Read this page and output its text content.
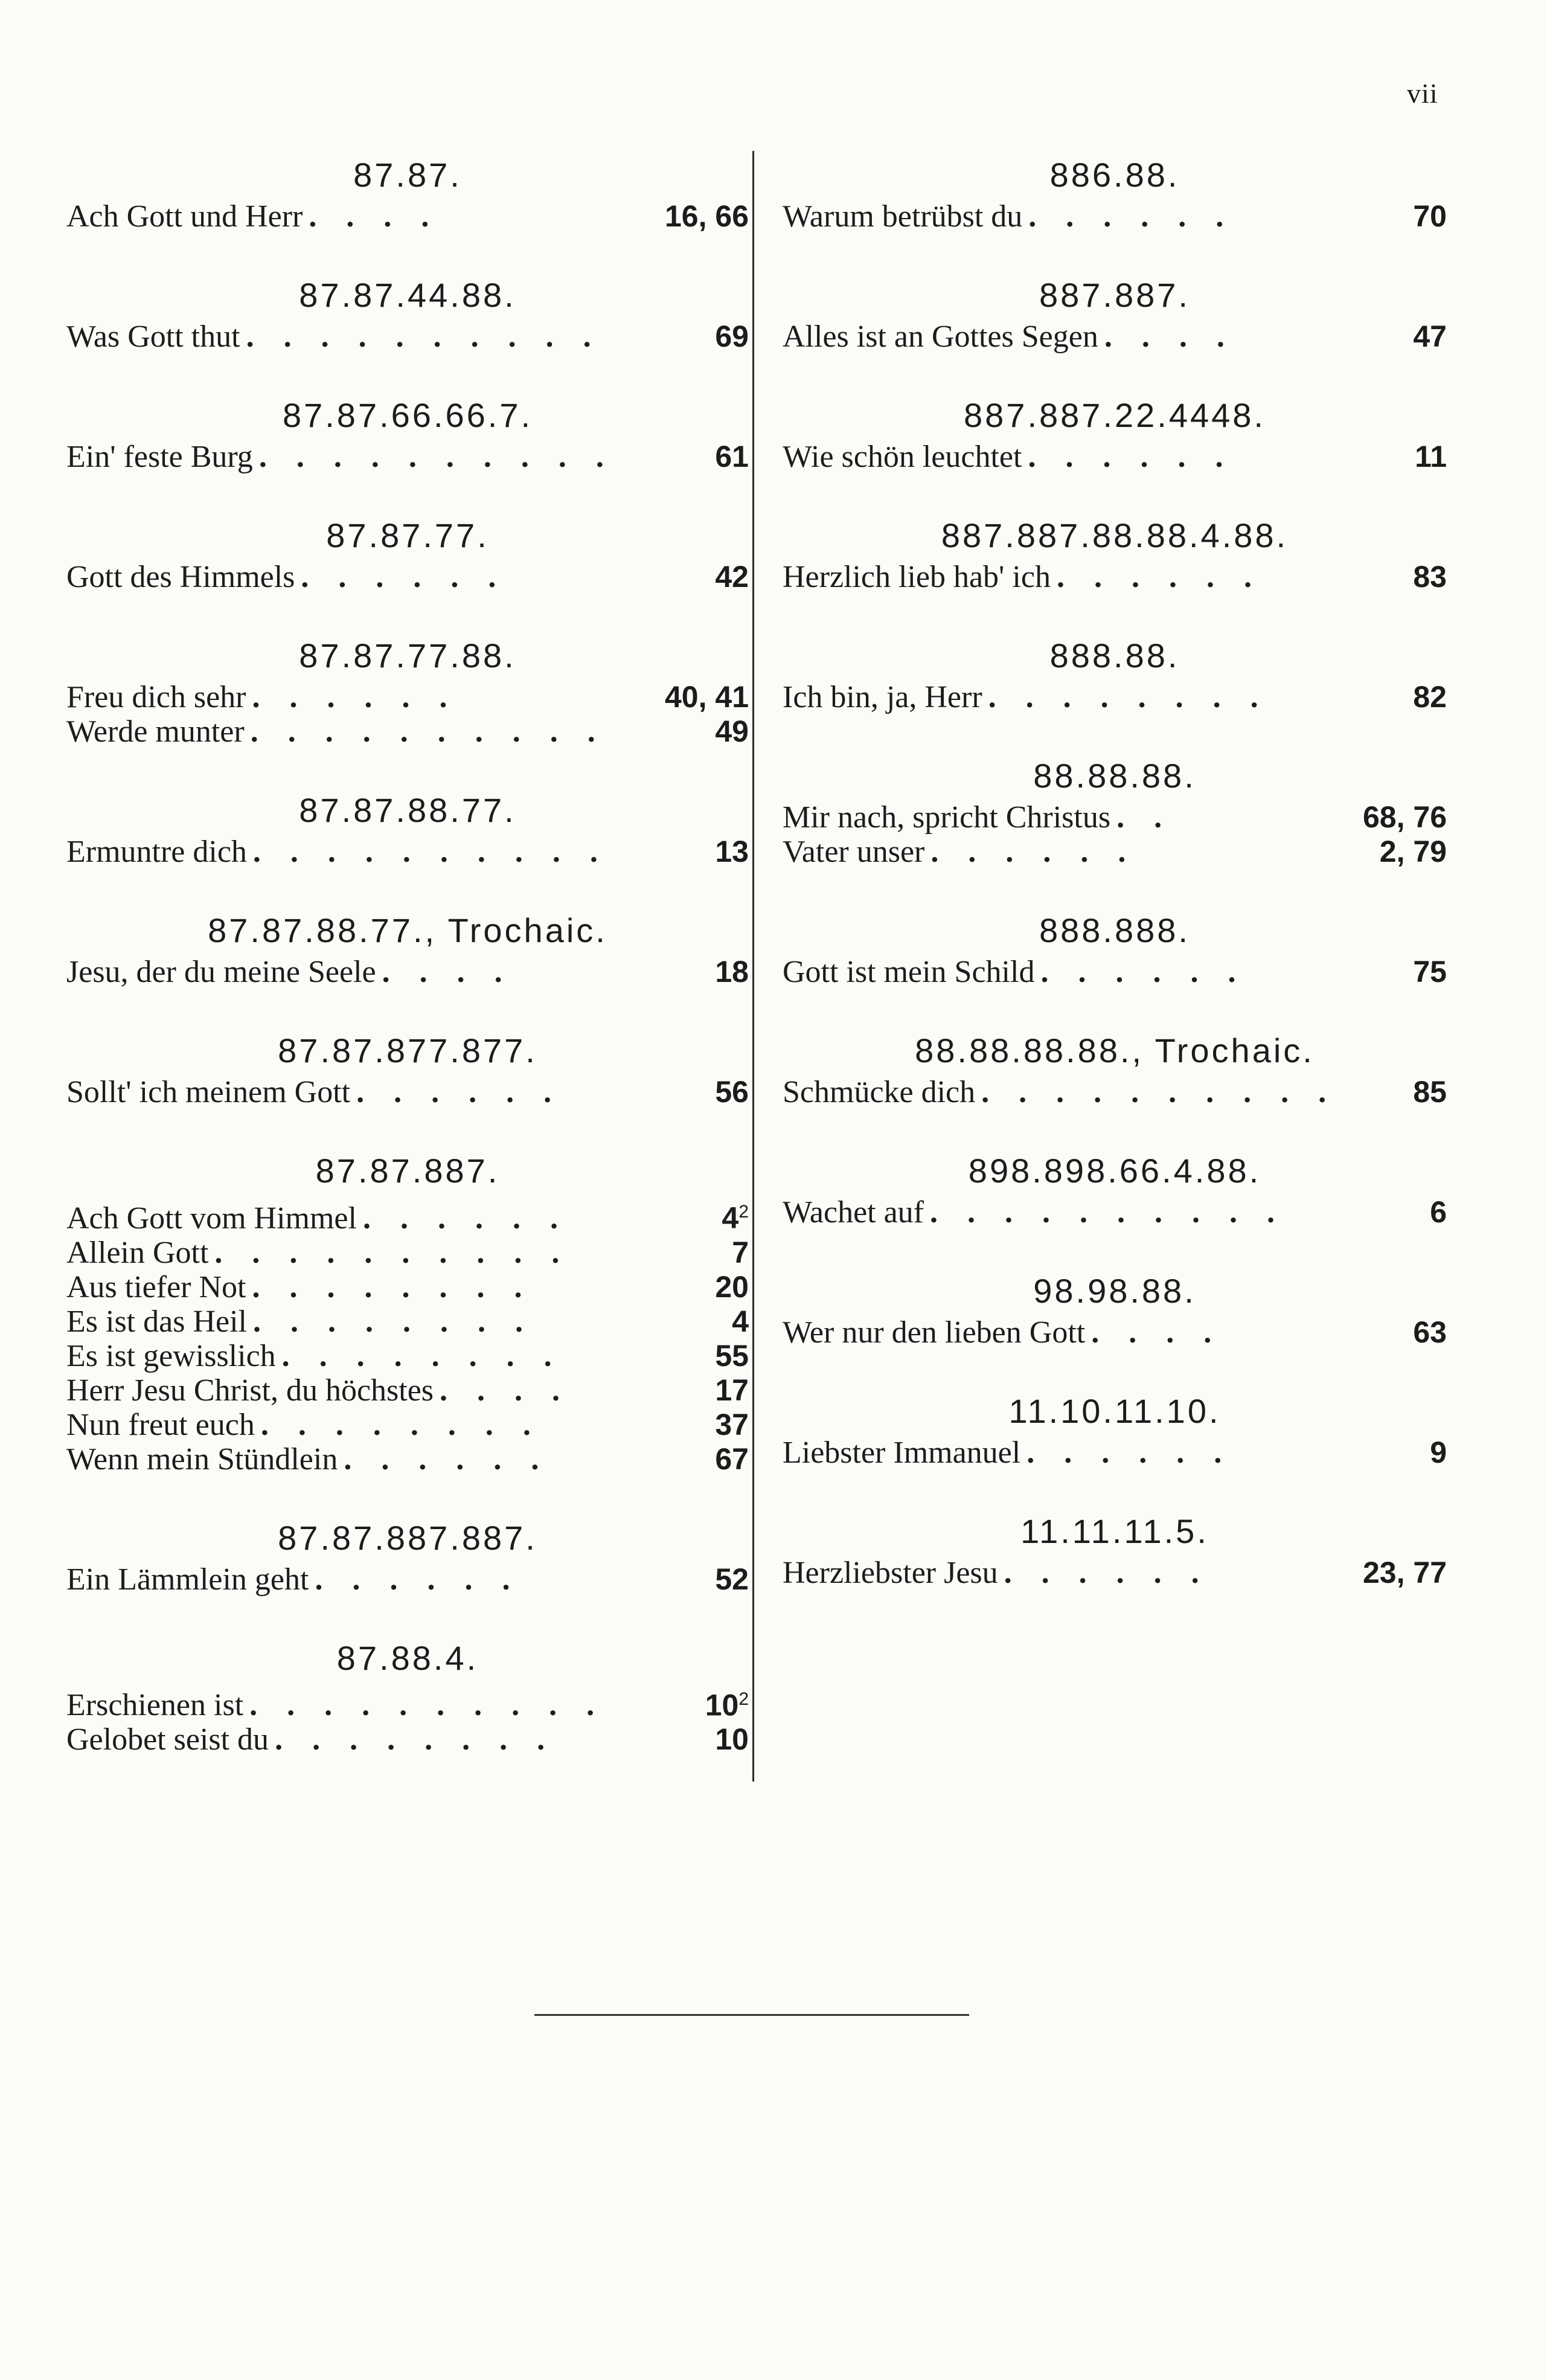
vii
87.87.
Ach Gott und Herr . . . .	16, 66
87.87.44.88.
Was Gott thut . . . . . . . . . .	69
87.87.66.66.7.
Ein' feste Burg . . . . . . . . . .	61
87.87.77.
Gott des Himmels . . . . . .	42
87.87.77.88.
Freu dich sehr . . . . . .	40, 41
Werde munter . . . . . . . . . .	49
87.87.88.77.
Ermuntre dich . . . . . . . . . .	13
87.87.88.77., Trochaic.
Jesu, der du meine Seele . . . .	18
87.87.877.877.
Sollt' ich meinem Gott . . . . . .	56
87.87.887.
Ach Gott vom Himmel . . . . . .	$4^2$
Allein Gott . . . . . . . . . .	7
Aus tiefer Not . . . . . . . .	20
Es ist das Heil . . . . . . . .	4
Es ist gewisslich . . . . . . . .	55
Herr Jesu Christ, du höchstes . . . .	17
Nun freut euch . . . . . . . .	37
Wenn mein Stündlein . . . . . .	67
87.87.887.887.
Ein Lämmlein geht . . . . . .	52
87.88.4.
Erschienen ist . . . . . . . . . .	$10^2$
Gelobet seist du . . . . . . . .	10
886.88.
Warum betrübst du . . . . . .	70
887.887.
Alles ist an Gottes Segen . . . .	47
887.887.22.4448.
Wie schön leuchtet . . . . . .	11
887.887.88.88.4.88.
Herzlich lieb hab' ich . . . . . .	83
888.88.
Ich bin, ja, Herr . . . . . . . .	82
88.88.88.
Mir nach, spricht Christus . .	68, 76
Vater unser . . . . . .	2, 79
888.888.
Gott ist mein Schild . . . . . .	75
88.88.88.88., Trochaic.
Schmücke dich . . . . . . . . . .	85
898.898.66.4.88.
Wachet auf . . . . . . . . . .	6
98.98.88.
Wer nur den lieben Gott . . . .	63
11.10.11.10.
Liebster Immanuel . . . . . .	9
11.11.11.5.
Herzliebster Jesu . . . . . .	23, 77
